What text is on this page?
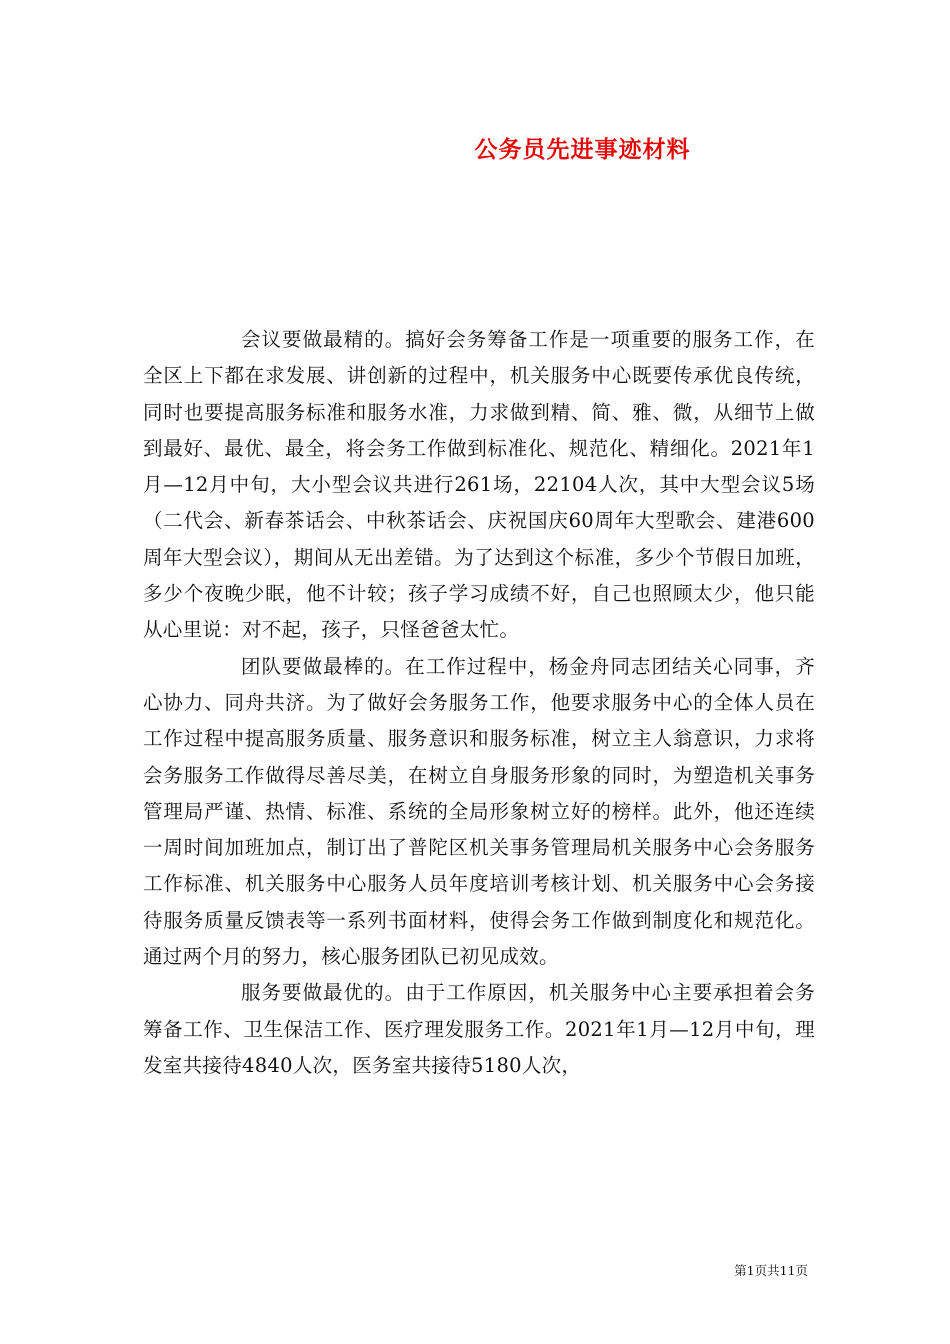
公务员先进事迹材料

会议要做最精的。搞好会务筹备工作是一项重要的服务工作，在全区上下都在求发展、讲创新的过程中，机关服务中心既要传承优良传统，同时也要提高服务标准和服务水准，力求做到精、简、雅、微，从细节上做到最好、最优、最全，将会务工作做到标准化、规范化、精细化。2021年1月—12月中旬，大小型会议共进行261场，22104人次，其中大型会议5场（二代会、新春茶话会、中秋茶话会、庆祝国庆60周年大型歌会、建港600周年大型会议），期间从无出差错。为了达到这个标准，多少个节假日加班，多少个夜晚少眠，他不计较；孩子学习成绩不好，自己也照顾太少，他只能从心里说：对不起，孩子，只怪爸爸太忙。

团队要做最棒的。在工作过程中，杨金舟同志团结关心同事，齐心协力、同舟共济。为了做好会务服务工作，他要求服务中心的全体人员在工作过程中提高服务质量、服务意识和服务标准，树立主人翁意识，力求将会务服务工作做得尽善尽美，在树立自身服务形象的同时，为塑造机关事务管理局严谨、热情、标准、系统的全局形象树立好的榜样。此外，他还连续一周时间加班加点，制订出了普陀区机关事务管理局机关服务中心会务服务工作标准、机关服务中心服务人员年度培训考核计划、机关服务中心会务接待服务质量反馈表等一系列书面材料，使得会务工作做到制度化和规范化。通过两个月的努力，核心服务团队已初见成效。

服务要做最优的。由于工作原因，机关服务中心主要承担着会务筹备工作、卫生保洁工作、医疗理发服务工作。2021年1月—12月中旬，理发室共接待4840人次，医务室共接待5180人次，

第1页共11页
